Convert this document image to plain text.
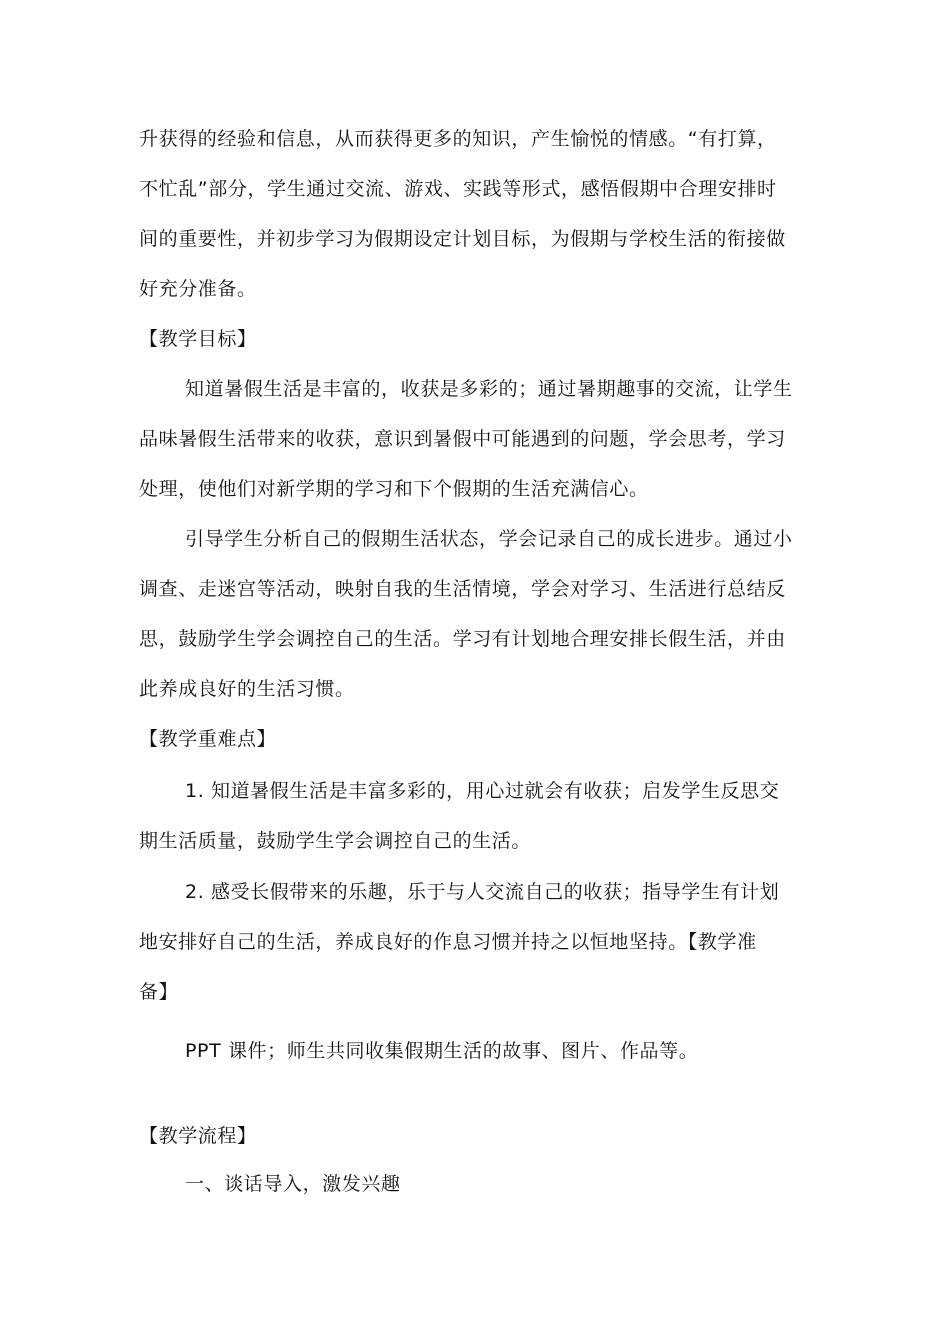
升获得的经验和信息，从而获得更多的知识，产生愉悦的情感。“有打算，
不忙乱”部分，学生通过交流、游戏、实践等形式，感悟假期中合理安排时
间的重要性，并初步学习为假期设定计划目标，为假期与学校生活的衔接做
好充分准备。
【教学目标】
知道暑假生活是丰富的，收获是多彩的；通过暑期趣事的交流，让学生
品味暑假生活带来的收获，意识到暑假中可能遇到的问题，学会思考，学习
处理，使他们对新学期的学习和下个假期的生活充满信心。
引导学生分析自己的假期生活状态，学会记录自己的成长进步。通过小
调查、走迷宫等活动，映射自我的生活情境，学会对学习、生活进行总结反
思，鼓励学生学会调控自己的生活。学习有计划地合理安排长假生活，并由
此养成良好的生活习惯。
【教学重难点】
1. 知道暑假生活是丰富多彩的，用心过就会有收获；启发学生反思交
期生活质量，鼓励学生学会调控自己的生活。
2. 感受长假带来的乐趣，乐于与人交流自己的收获；指导学生有计划
地安排好自己的生活，养成良好的作息习惯并持之以恒地坚持。【教学准
备】
PPT 课件；师生共同收集假期生活的故事、图片、作品等。
【教学流程】
一、谈话导入，激发兴趣
